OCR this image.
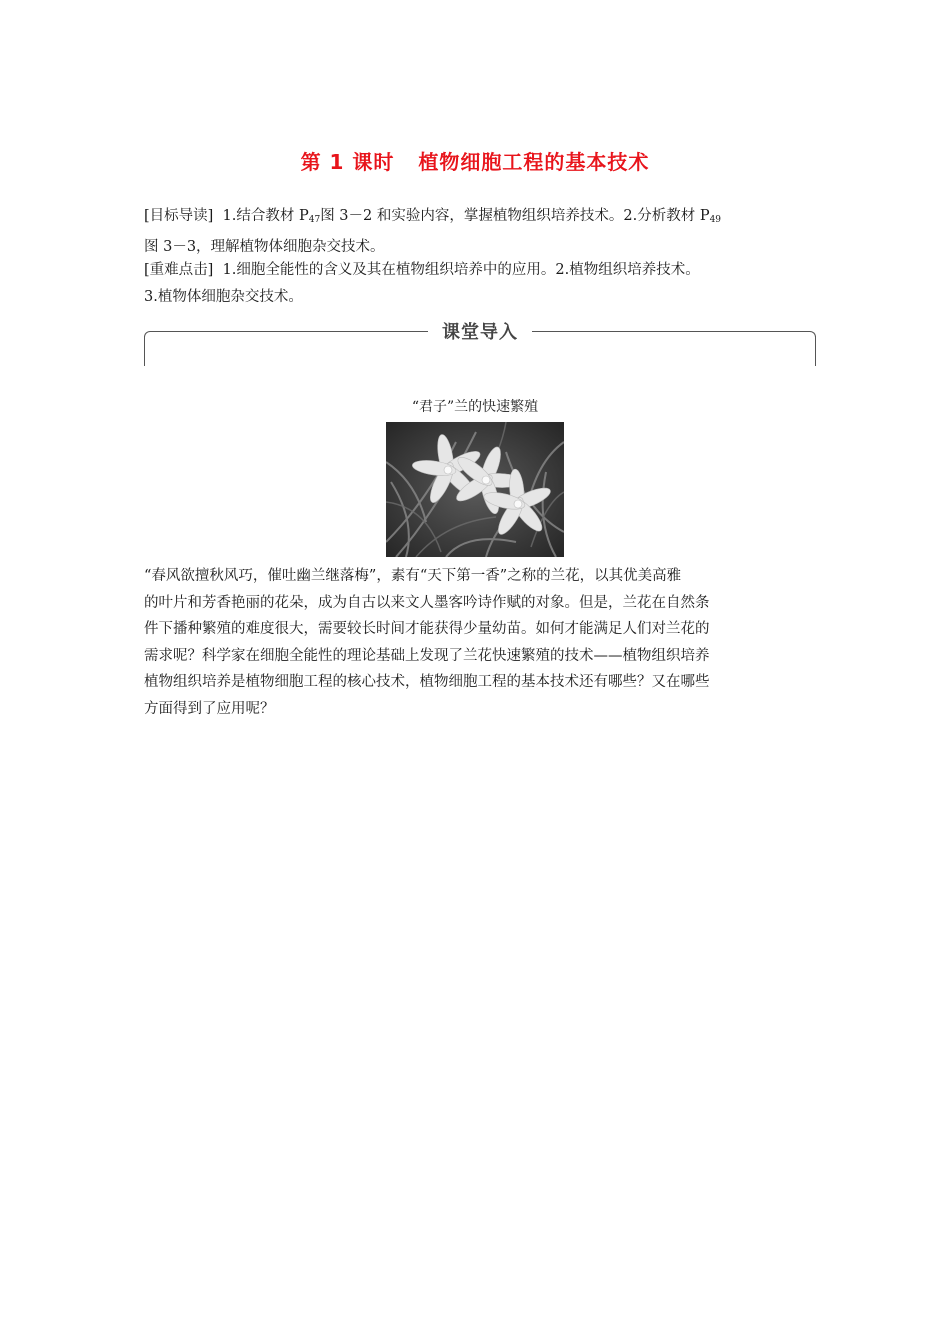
第 1 课时 植物细胞工程的基本技术
[目标导读] 1.结合教材 $P_{47}$图 3－2 和实验内容，掌握植物组织培养技术。2.分析教材 $P_{49}$
图 3－3，理解植物体细胞杂交技术。
[重难点击] 1.细胞全能性的含义及其在植物组织培养中的应用。2.植物组织培养技术。
3.植物体细胞杂交技术。
课堂导入
“君子”兰的快速繁殖
“春风欲擅秋风巧，催吐幽兰继落梅”，素有“天下第一香”之称的兰花，以其优美高雅
的叶片和芳香艳丽的花朵，成为自古以来文人墨客吟诗作赋的对象。但是，兰花在自然条
件下播种繁殖的难度很大，需要较长时间才能获得少量幼苗。如何才能满足人们对兰花的
需求呢？科学家在细胞全能性的理论基础上发现了兰花快速繁殖的技术——植物组织培养
植物组织培养是植物细胞工程的核心技术，植物细胞工程的基本技术还有哪些？又在哪些
方面得到了应用呢？
